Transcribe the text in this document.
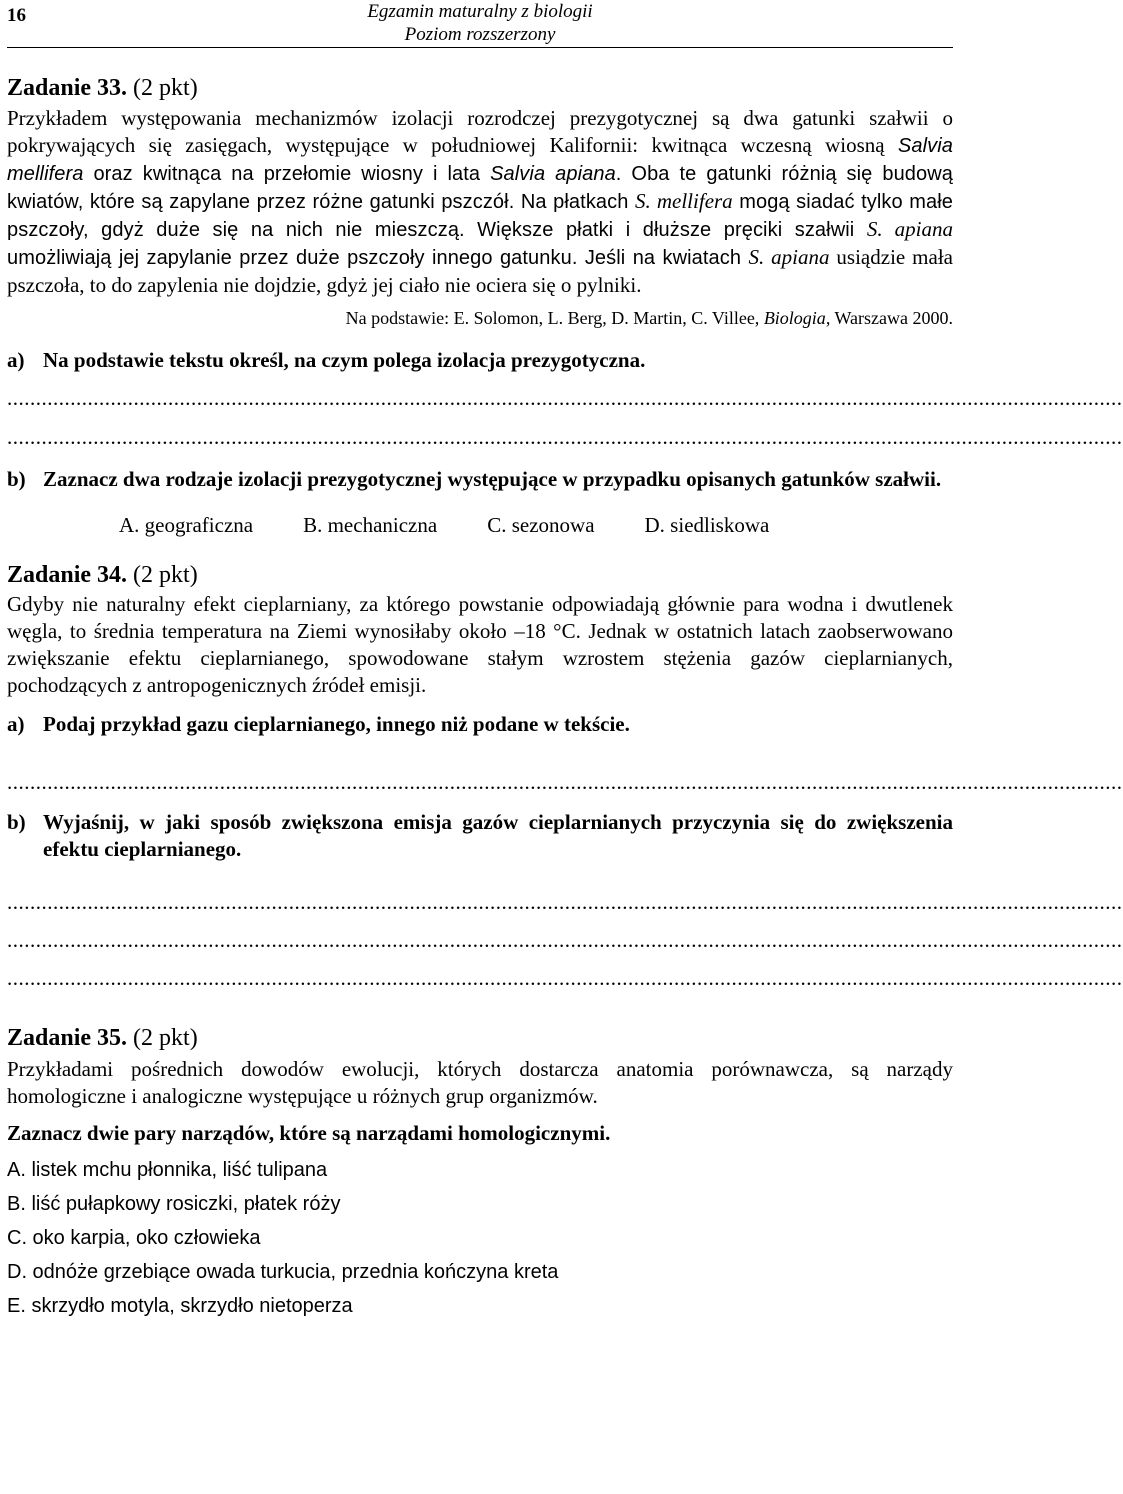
16	Egzamin maturalny z biologii
Poziom rozszerzony

Zadanie 33. (2 pkt)

Przykładem występowania mechanizmów izolacji rozrodczej prezygotycznej są dwa gatunki szałwii o pokrywających się zasięgach, występujące w południowej Kalifornii: kwitnąca wczesną wiosną Salvia mellifera oraz kwitnąca na przełomie wiosny i lata Salvia apiana. Oba te gatunki różnią się budową kwiatów, które są zapylane przez różne gatunki pszczół. Na płatkach S. mellifera mogą siadać tylko małe pszczoły, gdyż duże się na nich nie mieszczą. Większe płatki i dłuższe pręciki szałwii S. apiana umożliwiają jej zapylanie przez duże pszczoły innego gatunku. Jeśli na kwiatach S. apiana usiądzie mała pszczoła, to do zapylenia nie dojdzie, gdyż jej ciało nie ociera się o pylniki.

Na podstawie: E. Solomon, L. Berg, D. Martin, C. Villee, Biologia, Warszawa 2000.

a) Na podstawie tekstu określ, na czym polega izolacja prezygotyczna.
..................................................................................................................................................................................................
..................................................................................................................................................................................................
b) Zaznacz dwa rodzaje izolacji prezygotycznej występujące w przypadku opisanych gatunków szałwii.
A. geograficzna B. mechaniczna C. sezonowa D. siedliskowa

Zadanie 34. (2 pkt)

Gdyby nie naturalny efekt cieplarniany, za którego powstanie odpowiadają głównie para wodna i dwutlenek węgla, to średnia temperatura na Ziemi wynosiłaby około –18 °C. Jednak w ostatnich latach zaobserwowano zwiększanie efektu cieplarnianego, spowodowane stałym wzrostem stężenia gazów cieplarnianych, pochodzących z antropogenicznych źródeł emisji.

a) Podaj przykład gazu cieplarnianego, innego niż podane w tekście.
..................................................................................................................................................................................................
b) Wyjaśnij, w jaki sposób zwiększona emisja gazów cieplarnianych przyczynia się do zwiększenia efektu cieplarnianego.
..................................................................................................................................................................................................
..................................................................................................................................................................................................
..................................................................................................................................................................................................

Zadanie 35. (2 pkt)

Przykładami pośrednich dowodów ewolucji, których dostarcza anatomia porównawcza, są narządy homologiczne i analogiczne występujące u różnych grup organizmów.

Zaznacz dwie pary narządów, które są narządami homologicznymi.

A. listek mchu płonnika, liść tulipana
B. liść pułapkowy rosiczki, płatek róży
C. oko karpia, oko człowieka
D. odnóże grzebiące owada turkucia, przednia kończyna kreta
E. skrzydło motyla, skrzydło nietoperza
